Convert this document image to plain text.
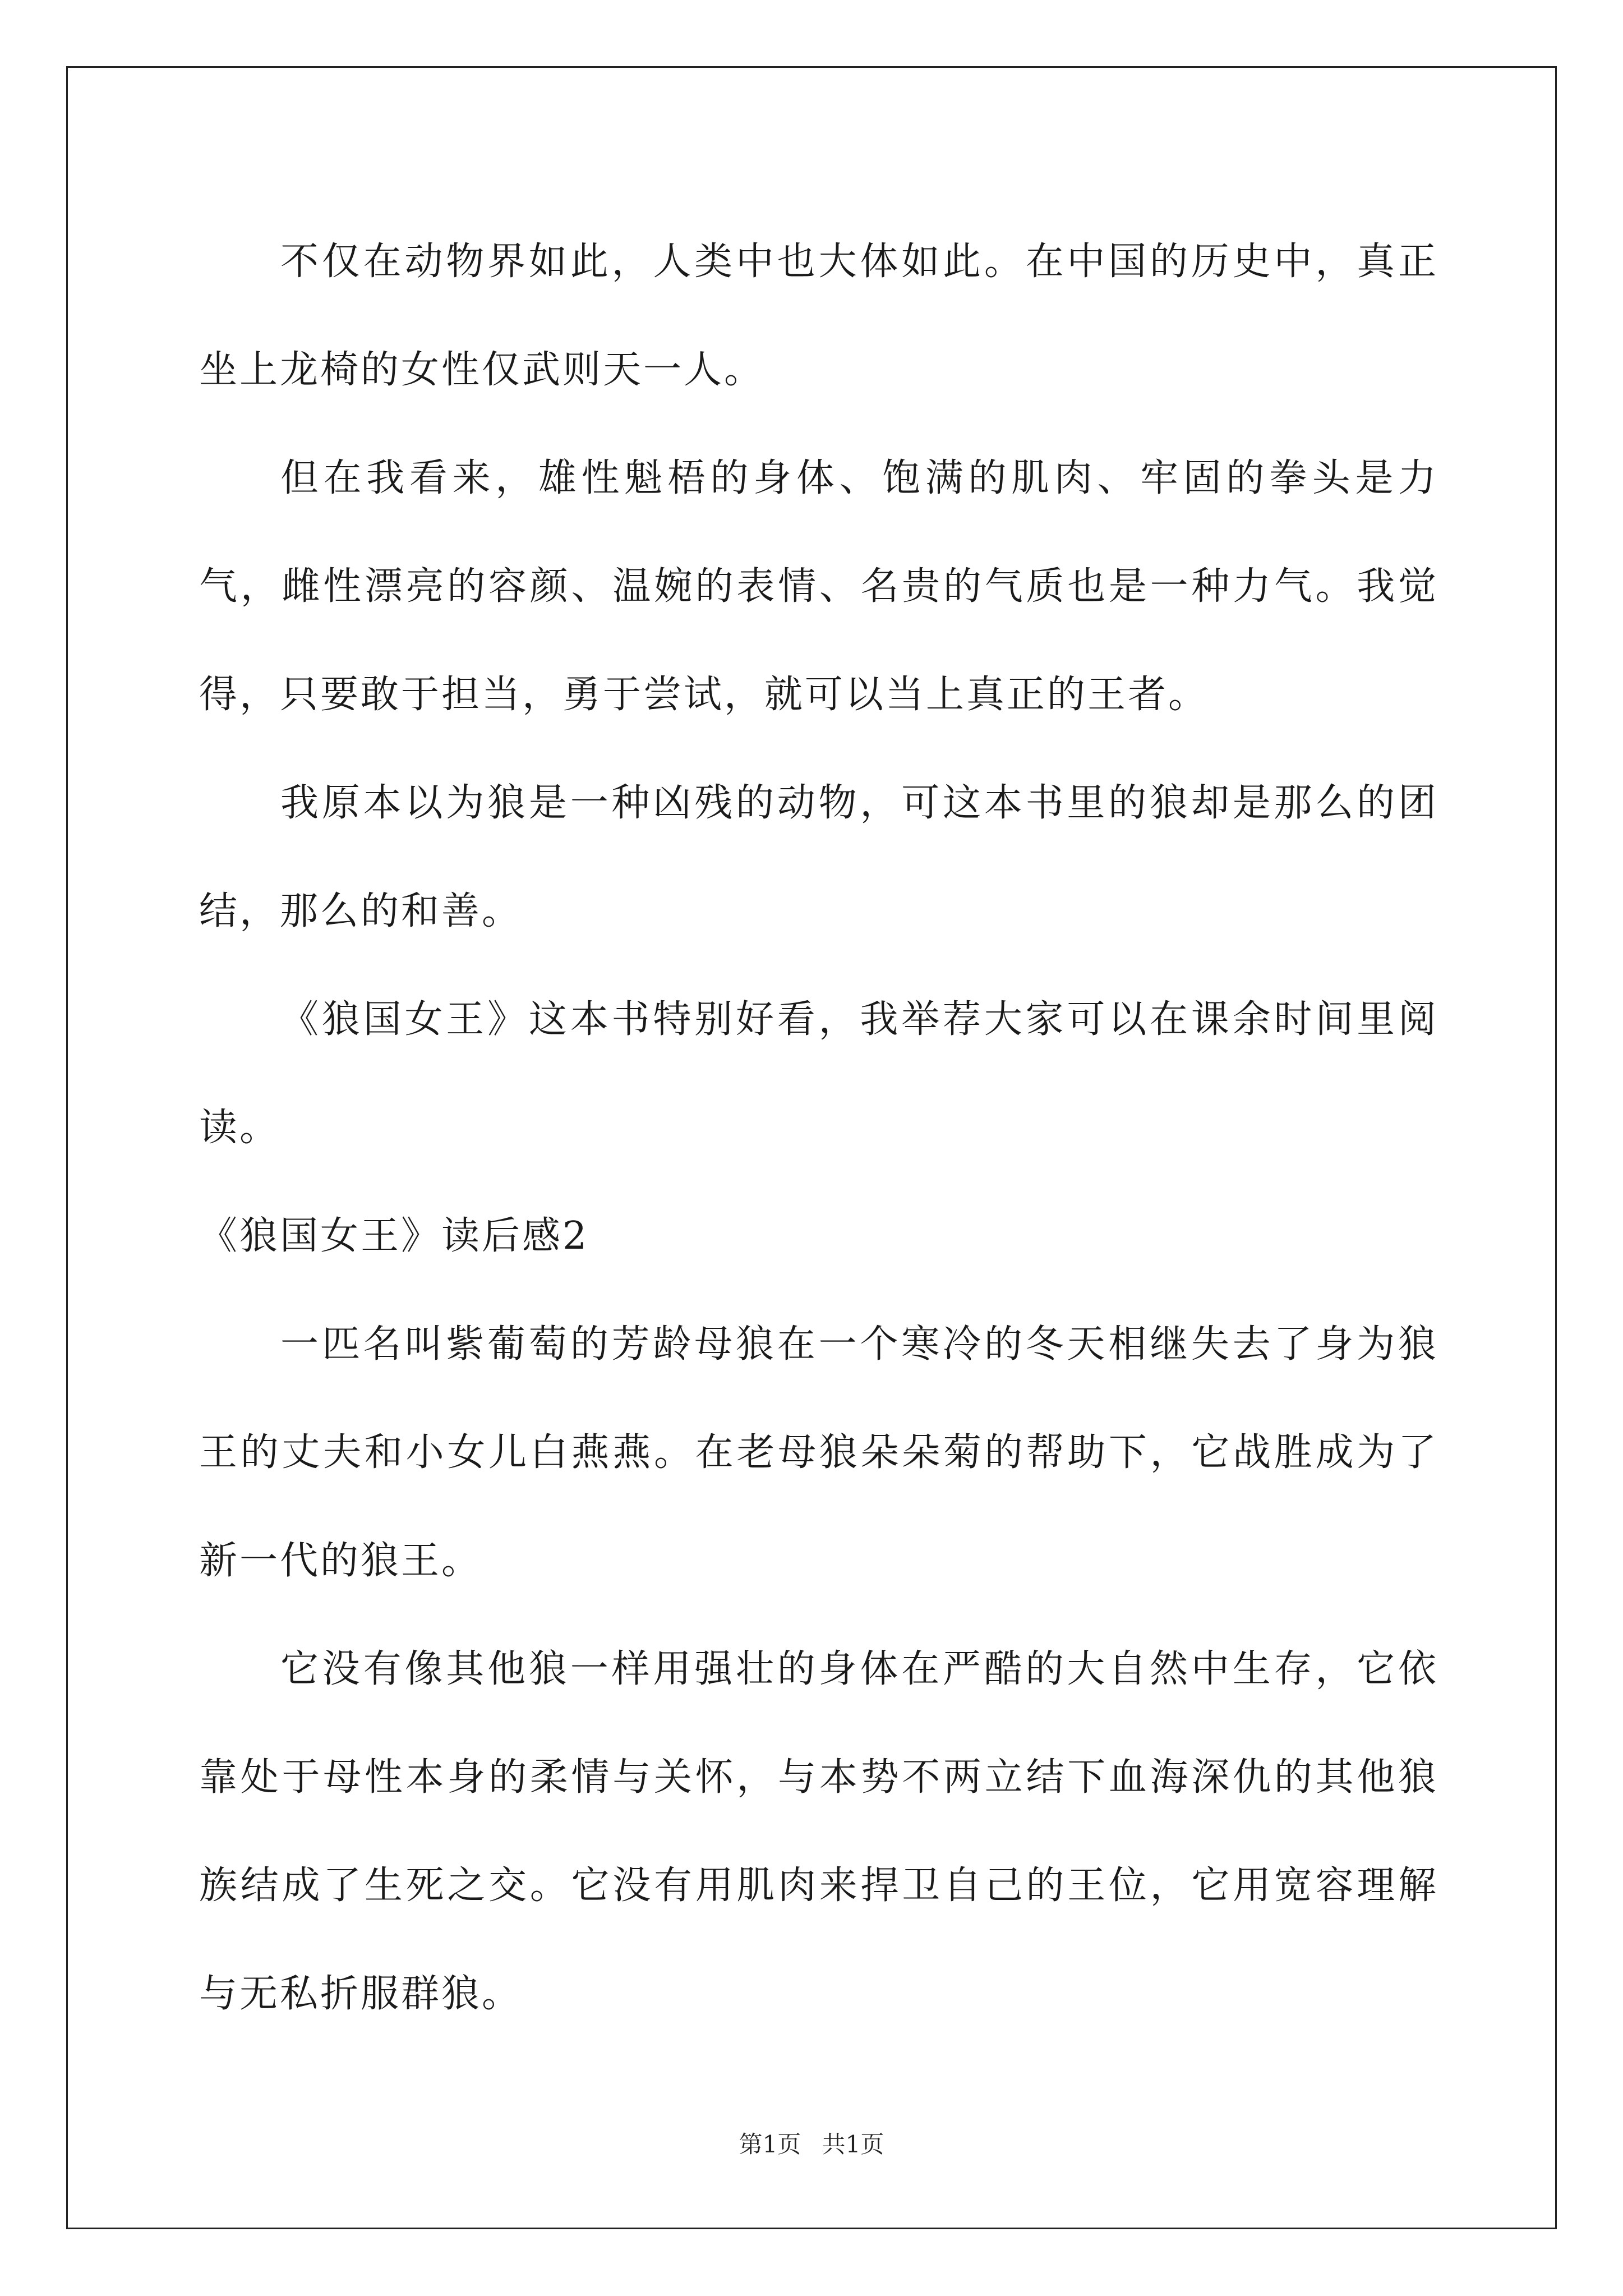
不仅在动物界如此，人类中也大体如此。在中国的历史中，真正坐上龙椅的女性仅武则天一人。

但在我看来，雄性魁梧的身体、饱满的肌肉、牢固的拳头是力气，雌性漂亮的容颜、温婉的表情、名贵的气质也是一种力气。我觉得，只要敢于担当，勇于尝试，就可以当上真正的王者。

我原本以为狼是一种凶残的动物，可这本书里的狼却是那么的团结，那么的和善。

《狼国女王》这本书特别好看，我举荐大家可以在课余时间里阅读。

《狼国女王》读后感2

一匹名叫紫葡萄的芳龄母狼在一个寒冷的冬天相继失去了身为狼王的丈夫和小女儿白燕燕。在老母狼朵朵菊的帮助下，它战胜成为了新一代的狼王。

它没有像其他狼一样用强壮的身体在严酷的大自然中生存，它依靠处于母性本身的柔情与关怀，与本势不两立结下血海深仇的其他狼族结成了生死之交。它没有用肌肉来捍卫自己的王位，它用宽容理解与无私折服群狼。

第1页 共1页
